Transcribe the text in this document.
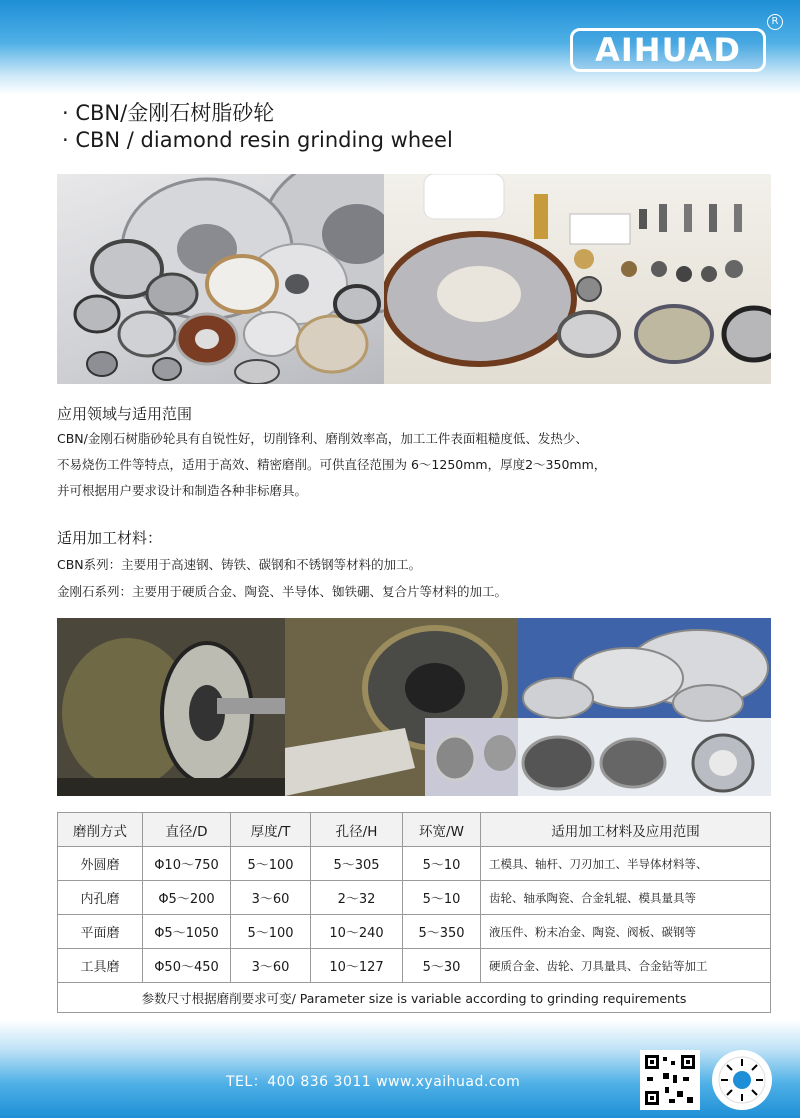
AIHUAD
R
· CBN/金刚石树脂砂轮
· CBN / diamond resin grinding wheel
应用领域与适用范围
CBN/金刚石树脂砂轮具有自锐性好，切削锋利、磨削效率高，加工工件表面粗糙度低、发热少、
不易烧伤工件等特点，适用于高效、精密磨削。可供直径范围为 6～1250mm，厚度2～350mm，
并可根据用户要求设计和制造各种非标磨具。
适用加工材料：
CBN系列：主要用于高速钢、铸铁、碳钢和不锈钢等材料的加工。
金刚石系列：主要用于硬质合金、陶瓷、半导体、铷铁硼、复合片等材料的加工。
磨削方式	直径/D	厚度/T	孔径/H	环宽/W	适用加工材料及应用范围
外圆磨	Φ10～750	5～100	5～305	5～10	工模具、轴杆、刀刃加工、半导体材料等、
内孔磨	Φ5～200	3～60	2～32	5～10	齿轮、轴承陶瓷、合金轧辊、模具量具等
平面磨	Φ5～1050	5～100	10～240	5～350	液压件、粉末冶金、陶瓷、阀板、碳钢等
工具磨	Φ50～450	3～60	10～127	5～30	硬质合金、齿轮、刀具量具、合金钻等加工
参数尺寸根据磨削要求可变/ Parameter size is variable according to grinding requirements					
TEL：400 836 3011 www.xyaihuad.com
